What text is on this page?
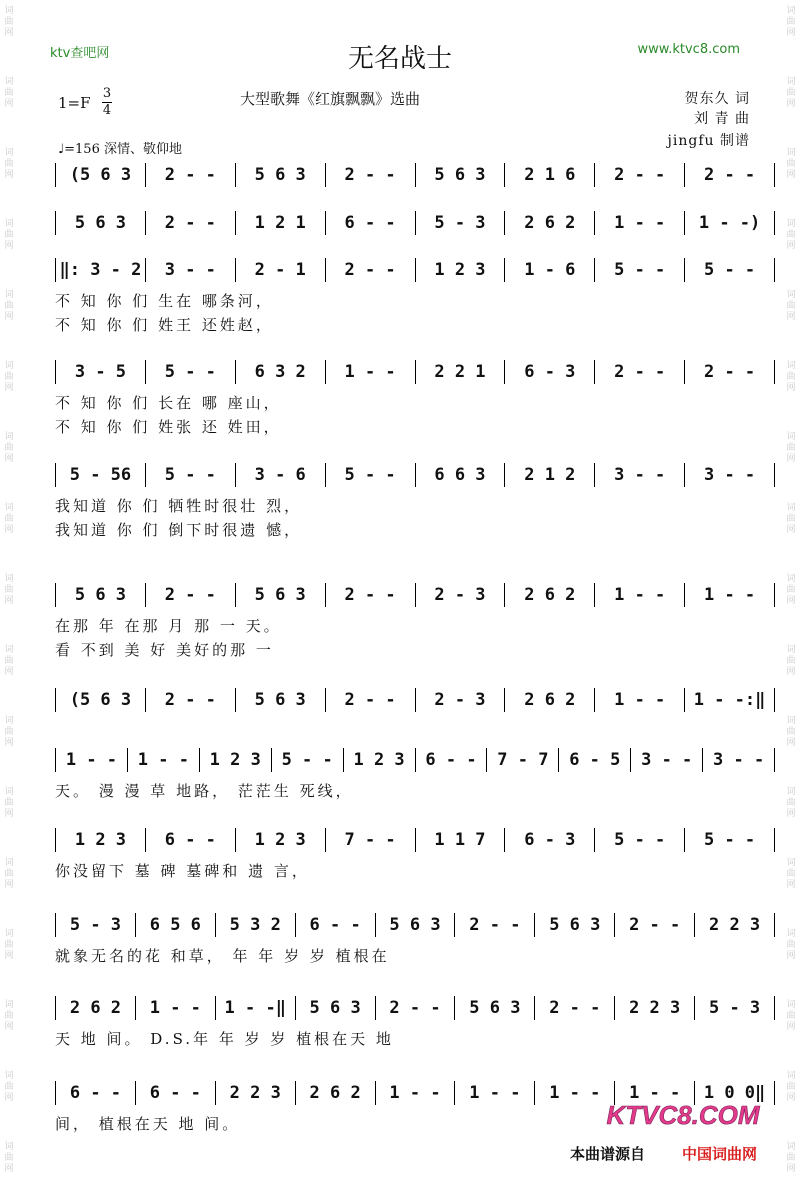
词
曲
网
词
曲
网
词
曲
网
词
曲
网
词
曲
网
词
曲
网
词
曲
网
词
曲
网
词
曲
网
词
曲
网
词
曲
网
词
曲
网
词
曲
网
词
曲
网
词
曲
网
词
曲
网
词
曲
网
词
曲
网
词
曲
网
词
曲
网
词
曲
网
词
曲
网
词
曲
网
词
曲
网
词
曲
网
词
曲
网
词
曲
网
词
曲
网
词
曲
网
词
曲
网
词
曲
网
词
曲
网
词
曲
网
词
曲
网
ktv查吧网	www.ktvc8.com
无名战士
大型歌舞《红旗飘飘》选曲	贺东久 词
刘 青 曲
jingfu 制谱
1=F
3
4
♩=156 深情、敬仰地
(5 6 3	2 - -	5 6 3	2 - -	5 6 3	2 1 6	2 - -	2 - -
5 6 3	2 - -	1 2 1	6 - -	5 - 3	2 6 2	1 - -	1 - -)
‖: 3 - 2	3 - -	2 - 1	2 - -	1 2 3	1 - 6	5 - -	5 - -
不 知 你 们 生在 哪条河，
不 知 你 们 姓王 还姓赵，
3 - 5	5 - -	6 3 2	1 - -	2 2 1	6 - 3	2 - -	2 - -
不 知 你 们 长在 哪 座山，
不 知 你 们 姓张 还 姓田，
5 - 56	5 - -	3 - 6	5 - -	6 6 3	2 1 2	3 - -	3 - -
我知道 你 们 牺牲时很壮 烈，
我知道 你 们 倒下时很遗 憾，
5 6 3	2 - -	5 6 3	2 - -	2 - 3	2 6 2	1 - -	1 - -
在那 年 在那 月 那 一 天。
看 不到 美 好 美好的那 一
(5 6 3	2 - -	5 6 3	2 - -	2 - 3	2 6 2	1 - -	1 - -:‖
1 - -	1 - -	1 2 3	5 - -	1 2 3	6 - -	7 - 7	6 - 5	3 - -	3 - -
天。 漫 漫 草 地路， 茫茫生 死线，
1 2 3	6 - -	1 2 3	7 - -	1 1 7	6 - 3	5 - -	5 - -
你没留下 墓 碑 墓碑和 遗 言，
5 - 3	6 5 6	5 3 2	6 - -	5 6 3	2 - -	5 6 3	2 - -	2 2 3
就象无名的花 和草， 年 年 岁 岁 植根在
2 6 2	1 - -	1 - -‖	5 6 3	2 - -	5 6 3	2 - -	2 2 3	5 - 3
天 地 间。 D.S.年 年 岁 岁 植根在天 地
6 - -	6 - -	2 2 3	2 6 2	1 - -	1 - -	1 - -	1 - -	1 0 0‖
间， 植根在天 地 间。	KTVC8.COM
本曲谱源自 中国词曲网
